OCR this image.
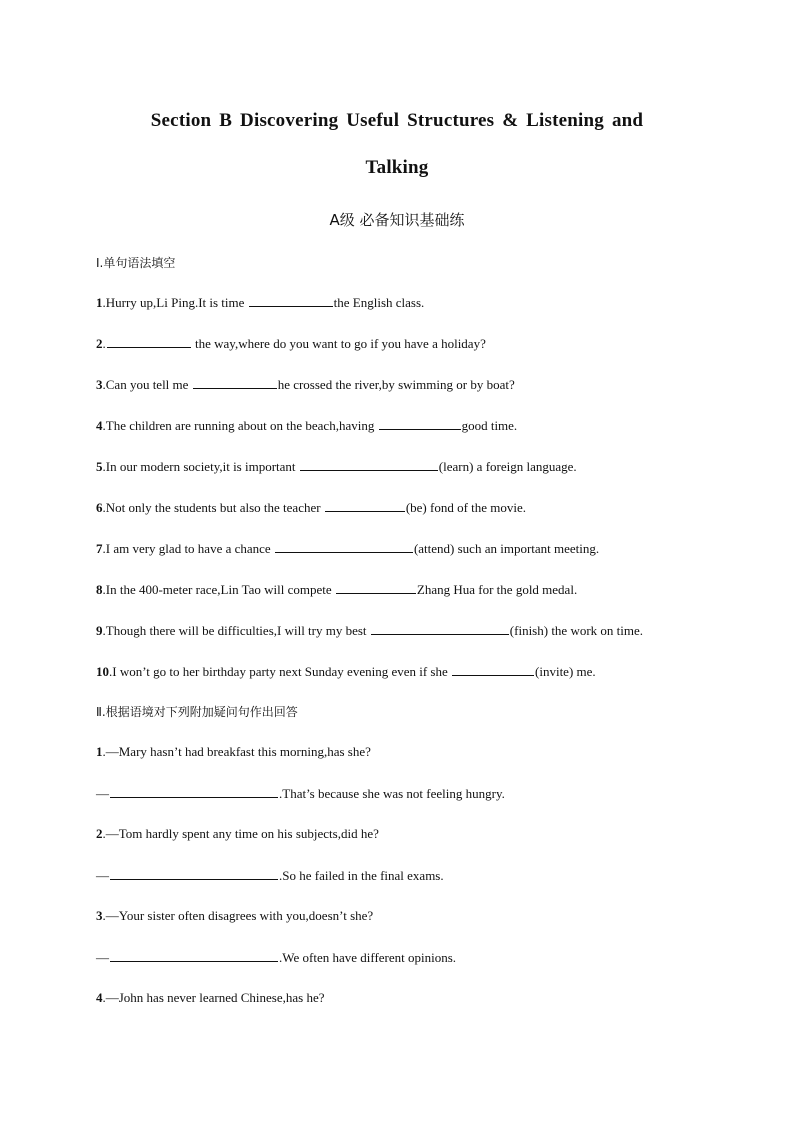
Section B Discovering Useful Structures & Listening and
Talking
A级 必备知识基础练
Ⅰ.单句语法填空
1.Hurry up,Li Ping.It is time	the English class.
2.	the way,where do you want to go if you have a holiday?
3.Can you tell me	he crossed the river,by swimming or by boat?
4.The children are running about on the beach,having	good time.
5.In our modern society,it is important	(learn) a foreign language.
6.Not only the students but also the teacher	(be) fond of the movie.
7.I am very glad to have a chance	(attend) such an important meeting.
8.In the 400-meter race,Lin Tao will compete	Zhang Hua for the gold medal.
9.Though there will be difficulties,I will try my best	(finish) the work on time.
10.I won’t go to her birthday party next Sunday evening even if she	(invite) me.
Ⅱ.根据语境对下列附加疑问句作出回答
1.—Mary hasn’t had breakfast this morning,has she?
—	.That’s because she was not feeling hungry.
2.—Tom hardly spent any time on his subjects,did he?
—	.So he failed in the final exams.
3.—Your sister often disagrees with you,doesn’t she?
—	.We often have different opinions.
4.—John has never learned Chinese,has he?
